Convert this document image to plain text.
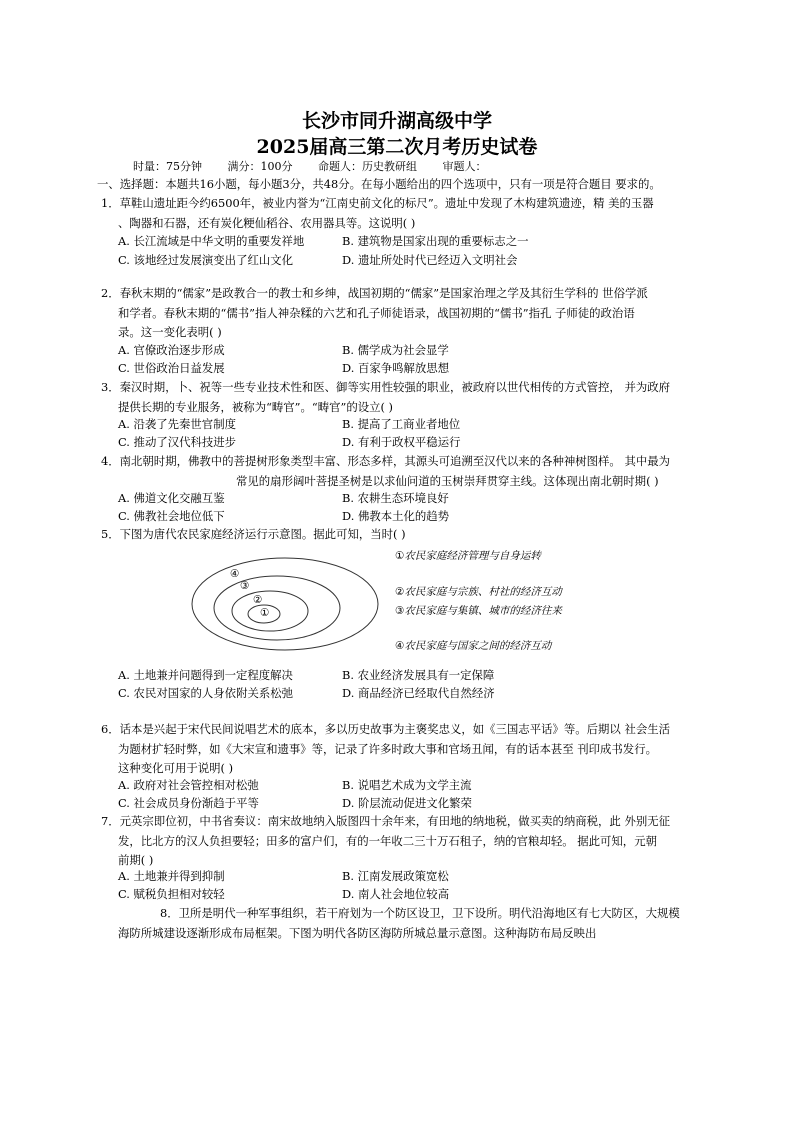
长沙市同升湖高级中学
2025届高三第二次月考历史试卷
时量：75分钟 满分：100分 命题人：历史教研组 审题人：
一、选择题：本题共16小题，每小题3分，共48分。在每小题给出的四个选项中，只有一项是符合题目 要求的。
1．草鞋山遗址距今约6500年，被业内誉为“江南史前文化的标尺”。遗址中发现了木构建筑遗迹，精 美的玉器
、陶器和石器，还有炭化粳仙稻谷、农用器具等。这说明( )
A. 长江流域是中华文明的重要发祥地	B. 建筑物是国家出现的重要标志之一
C. 该地经过发展演变出了红山文化	D. 遗址所处时代已经迈入文明社会
2．春秋末期的“儒家”是政教合一的教士和乡绅，战国初期的“儒家”是国家治理之学及其衍生学科的 世俗学派
和学者。春秋末期的“儒书”指人神杂糅的六艺和孔子师徒语录，战国初期的“儒书”指孔 子师徒的政治语
录。这一变化表明( )
A. 官僚政治逐步形成	B. 儒学成为社会显学
C. 世俗政治日益发展	D. 百家争鸣解放思想
3．秦汉时期，卜、祝等一些专业技术性和医、御等实用性较强的职业，被政府以世代相传的方式管控， 并为政府
提供长期的专业服务，被称为“畴官”。“畴官”的设立( )
A. 沿袭了先秦世官制度	B. 提高了工商业者地位
C. 推动了汉代科技进步	D. 有利于政权平稳运行
4．南北朝时期，佛教中的菩提树形象类型丰富、形态多样，其源头可追溯至汉代以来的各种神树图样。 其中最为
常见的扇形阔叶菩提圣树是以求仙问道的玉树崇拜贯穿主线。这体现出南北朝时期( )
A. 佛道文化交融互鉴	B. 农耕生态环境良好
C. 佛教社会地位低下	D. 佛教本土化的趋势
5．下图为唐代农民家庭经济运行示意图。据此可知，当时( )
④
③
②
①
①农民家庭经济管理与自身运转
②农民家庭与宗族、村社的经济互动
③农民家庭与集镇、城市的经济往来
④农民家庭与国家之间的经济互动
A. 土地兼并问题得到一定程度解决	B. 农业经济发展具有一定保障
C. 农民对国家的人身依附关系松弛	D. 商品经济已经取代自然经济
6．话本是兴起于宋代民间说唱艺术的底本，多以历史故事为主褒奖忠义，如《三国志平话》等。后期以 社会生活
为题材扩轻时弊，如《大宋宣和遗事》等，记录了许多时政大事和官场丑闻，有的话本甚至 刊印成书发行。
这种变化可用于说明( )
A. 政府对社会管控相对松弛	B. 说唱艺术成为文学主流
C. 社会成员身份渐趋于平等	D. 阶层流动促进文化繁荣
7．元英宗即位初，中书省奏议：南宋故地纳入版图四十余年来，有田地的纳地税，做买卖的纳商税，此 外别无征
发，比北方的汉人负担要轻；田多的富户们，有的一年收二三十万石租子，纳的官粮却轻。 据此可知，元朝
前期( )
A. 土地兼并得到抑制	B. 江南发展政策宽松
C. 赋税负担相对较轻	D. 南人社会地位较高
8．卫所是明代一种军事组织，若干府划为一个防区设卫，卫下设所。明代沿海地区有七大防区，大规模
海防所城建设逐渐形成布局框架。下图为明代各防区海防所城总量示意图。这种海防布局反映出
